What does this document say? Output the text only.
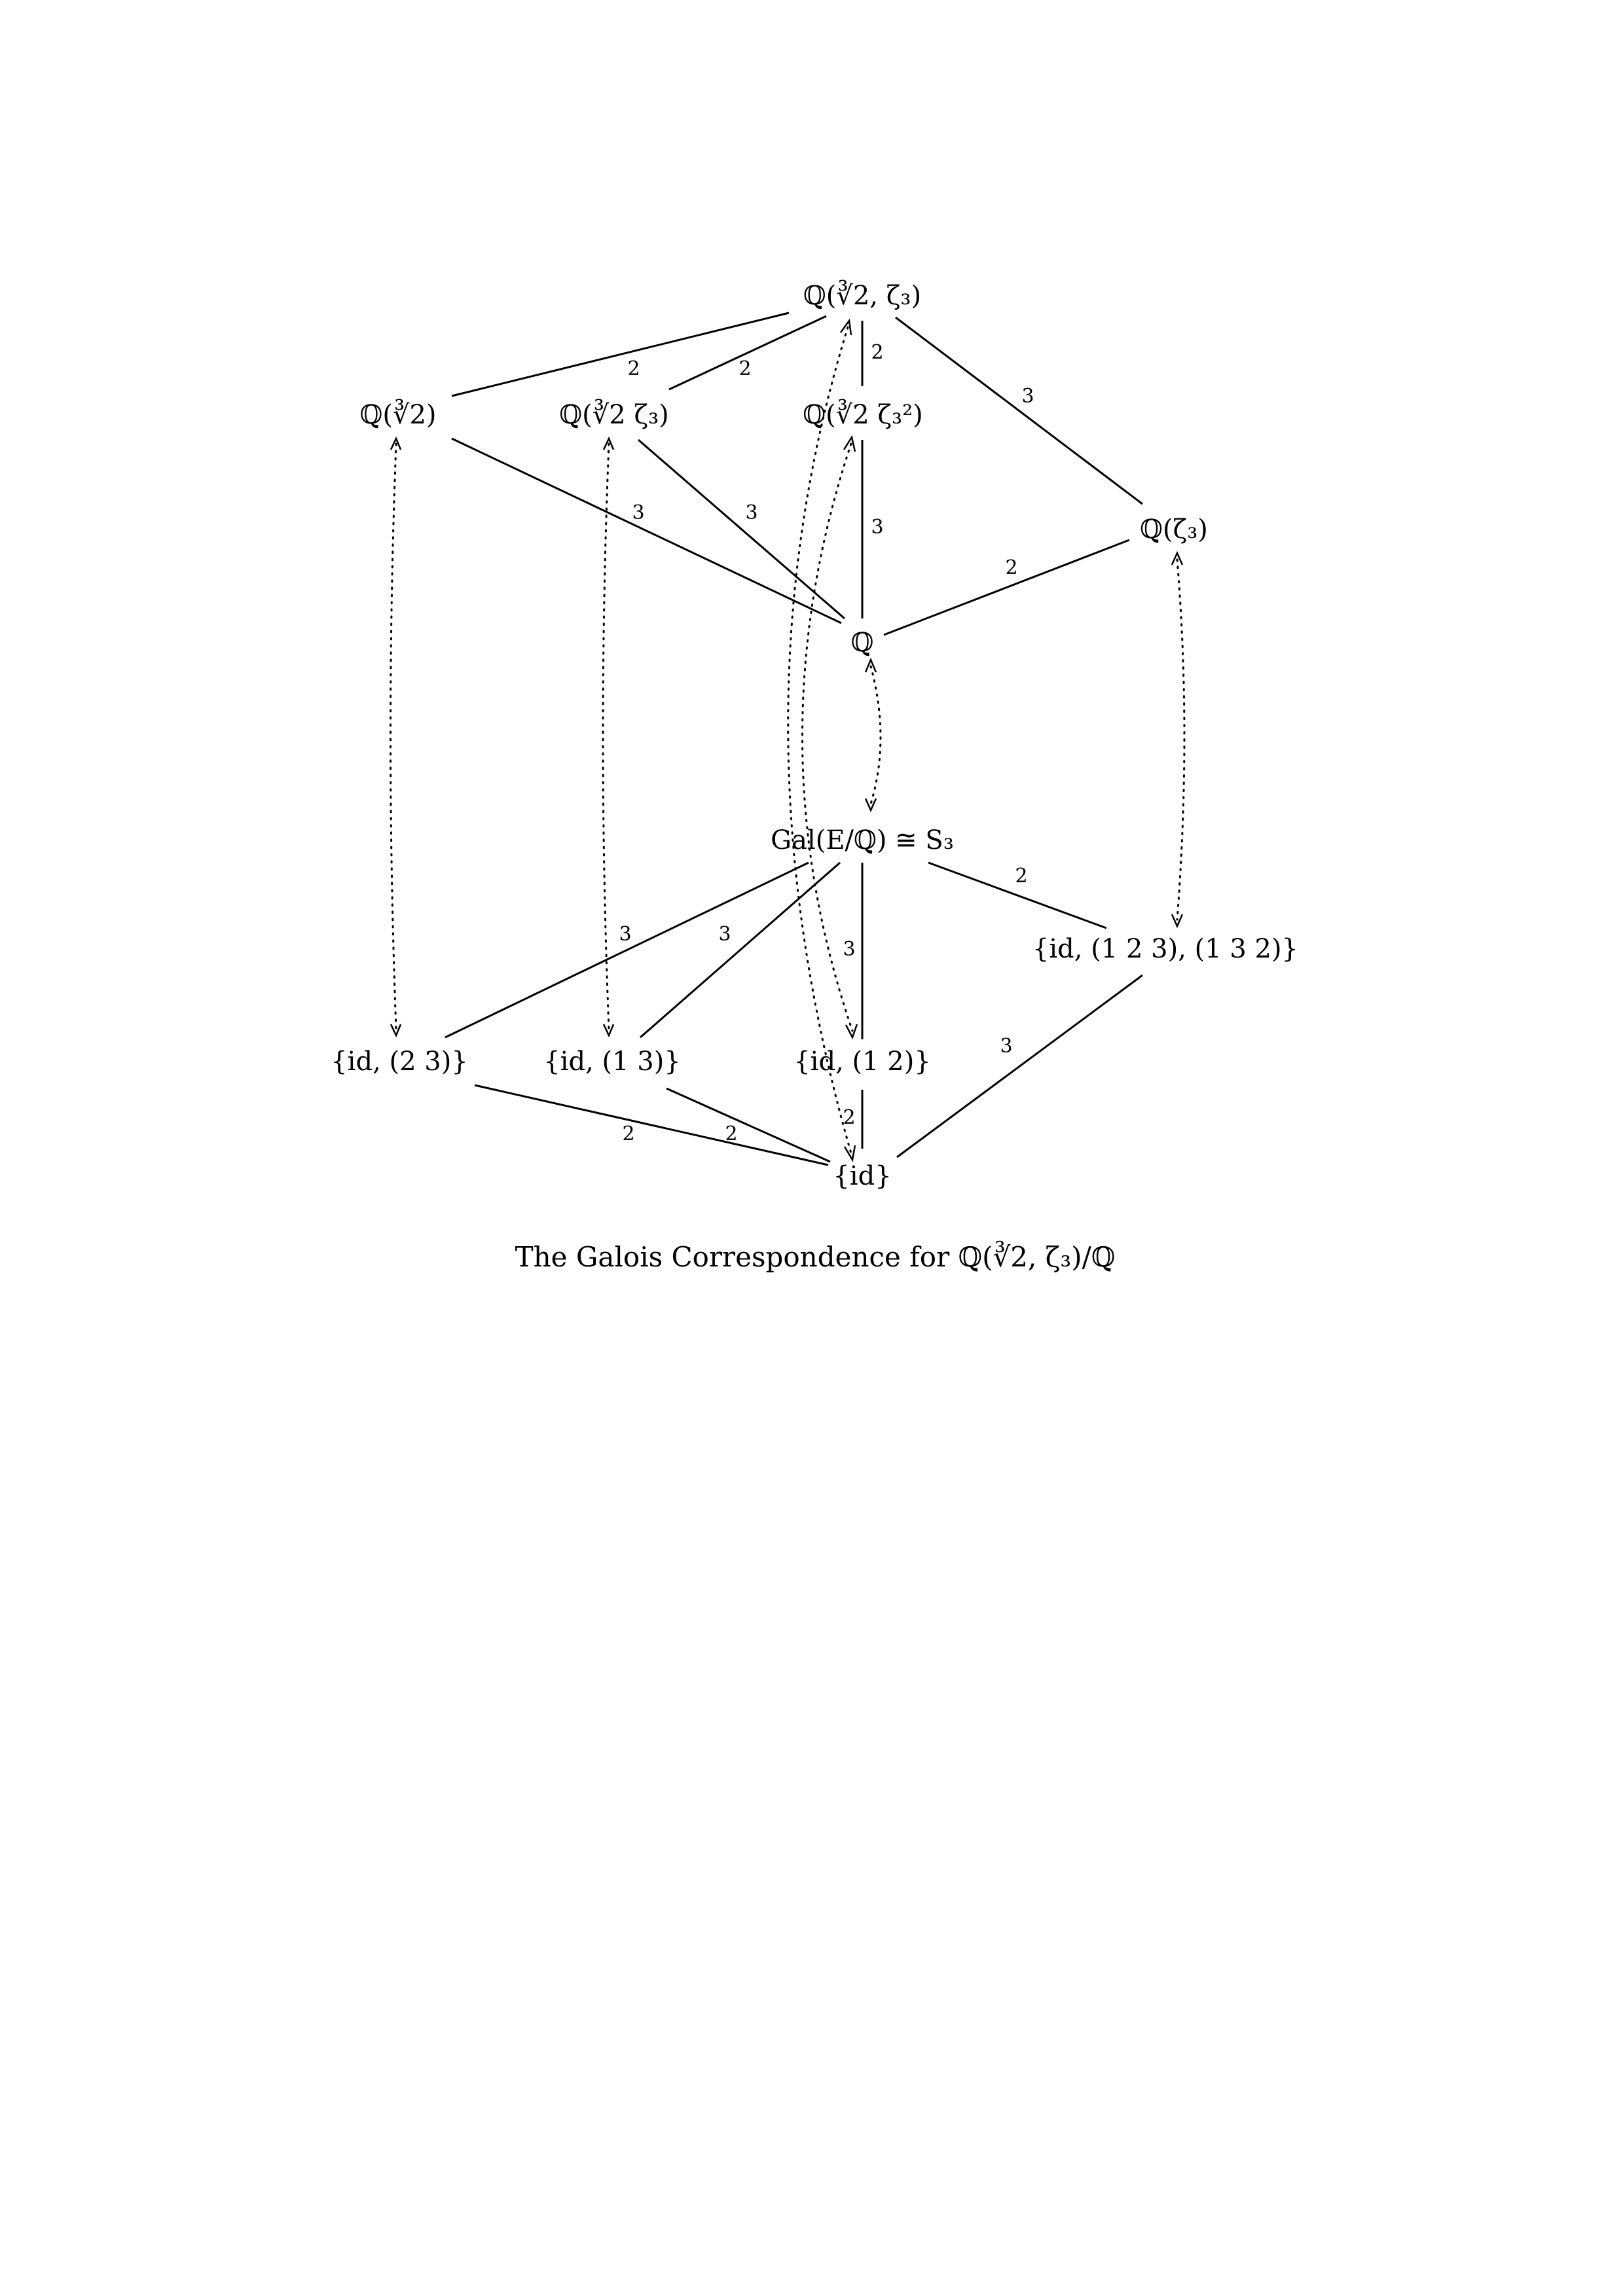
2	2
2
3
3	3
3
2
3	3
3
2
2	2
2
3
ℚ(∛2, ζ₃)
ℚ(∛2)	ℚ(∛2 ζ₃)	ℚ(∛2 ζ₃²)
ℚ(ζ₃)
ℚ
Gal(E/ℚ) ≅ S₃
{id, (2 3)}	{id, (1 3)}	{id, (1 2)}
{id, (1 2 3), (1 3 2)}
{id}
The Galois Correspondence for ℚ(∛2, ζ₃)/ℚ
